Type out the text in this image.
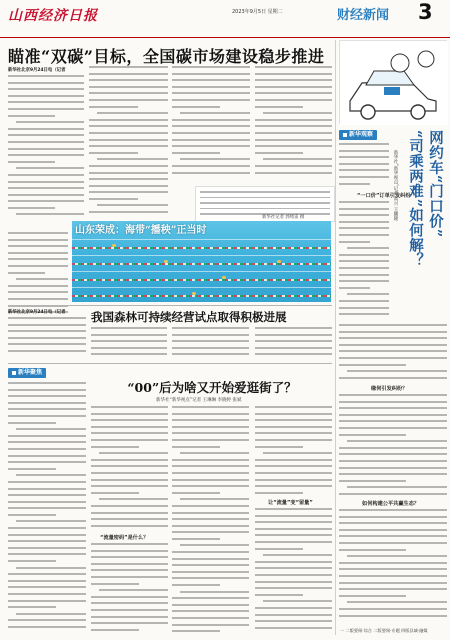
山西经济日报	2023年9月5日 星期二	财经新闻 3
瞄准“双碳”目标，全国碳市场建设稳步推进
新华社北京9月24日电（记者
山东荣成：海带“播秧”正当时
新华社记者 郭绪雷 摄
我国森林可持续经营试点取得积极进展
新华社北京9月24日电（记者
新华聚焦
“00”后为啥又开始爱逛街了？
新华社“新华视点”记者 王琳琳 李晓婷 张斌
“流量密码”是什么？
让“流量”变“留量”
新华观察	网约车“门口价”
“司乘两难”如何解？
新华社“新华视点”记者 黄兴 王鹏隆
“一口价”订单引发纠纷
缘何引发纠纷？
如何构建公平共赢生态？
一 二版要闻·综合 二版要闻·专题 四版县域·融媒
